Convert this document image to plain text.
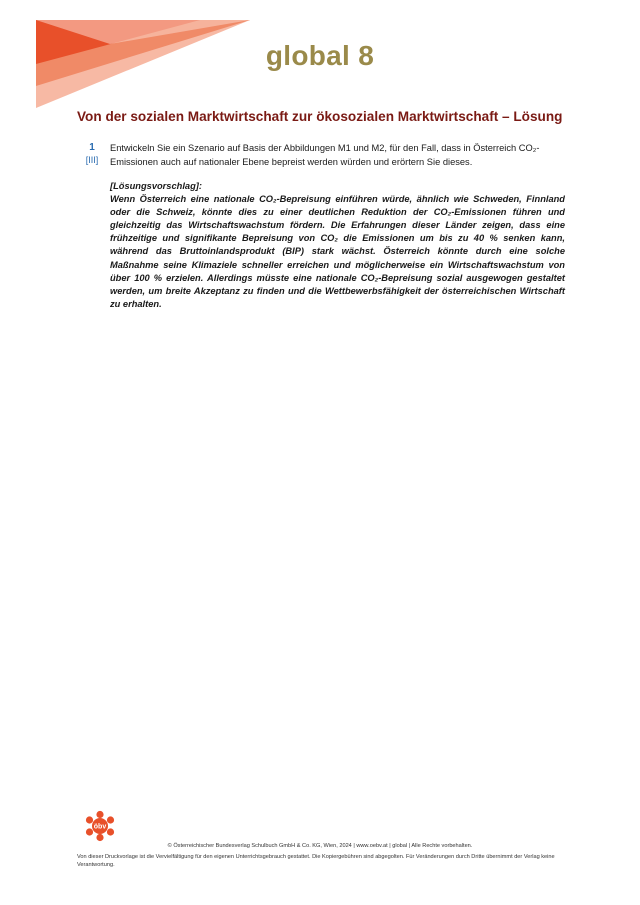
global 8
Von der sozialen Marktwirtschaft zur ökosozialen Marktwirtschaft – Lösung
1
[III]
Entwickeln Sie ein Szenario auf Basis der Abbildungen M1 und M2, für den Fall, dass in Österreich CO₂-Emissionen auch auf nationaler Ebene bepreist werden würden und erörtern Sie dieses.
[Lösungsvorschlag]:
Wenn Österreich eine nationale CO₂-Bepreisung einführen würde, ähnlich wie Schweden, Finnland oder die Schweiz, könnte dies zu einer deutlichen Reduktion der CO₂-Emissionen führen und gleichzeitig das Wirtschaftswachstum fördern. Die Erfahrungen dieser Länder zeigen, dass eine frühzeitige und signifikante Bepreisung von CO₂ die Emissionen um bis zu 40 % senken kann, während das Bruttoinlandsprodukt (BIP) stark wächst. Österreich könnte durch eine solche Maßnahme seine Klimaziele schneller erreichen und möglicherweise ein Wirtschaftswachstum von über 100 % erzielen. Allerdings müsste eine nationale CO₂-Bepreisung sozial ausgewogen gestaltet werden, um breite Akzeptanz zu finden und die Wettbewerbsfähigkeit der österreichischen Wirtschaft zu erhalten.
öbv
© Österreichischer Bundesverlag Schulbuch GmbH & Co. KG, Wien, 2024 | www.oebv.at | global | Alle Rechte vorbehalten.
Von dieser Druckvorlage ist die Vervielfältigung für den eigenen Unterrichtsgebrauch gestattet. Die Kopiergebühren sind abgegolten. Für Veränderungen durch Dritte übernimmt der Verlag keine Verantwortung.
